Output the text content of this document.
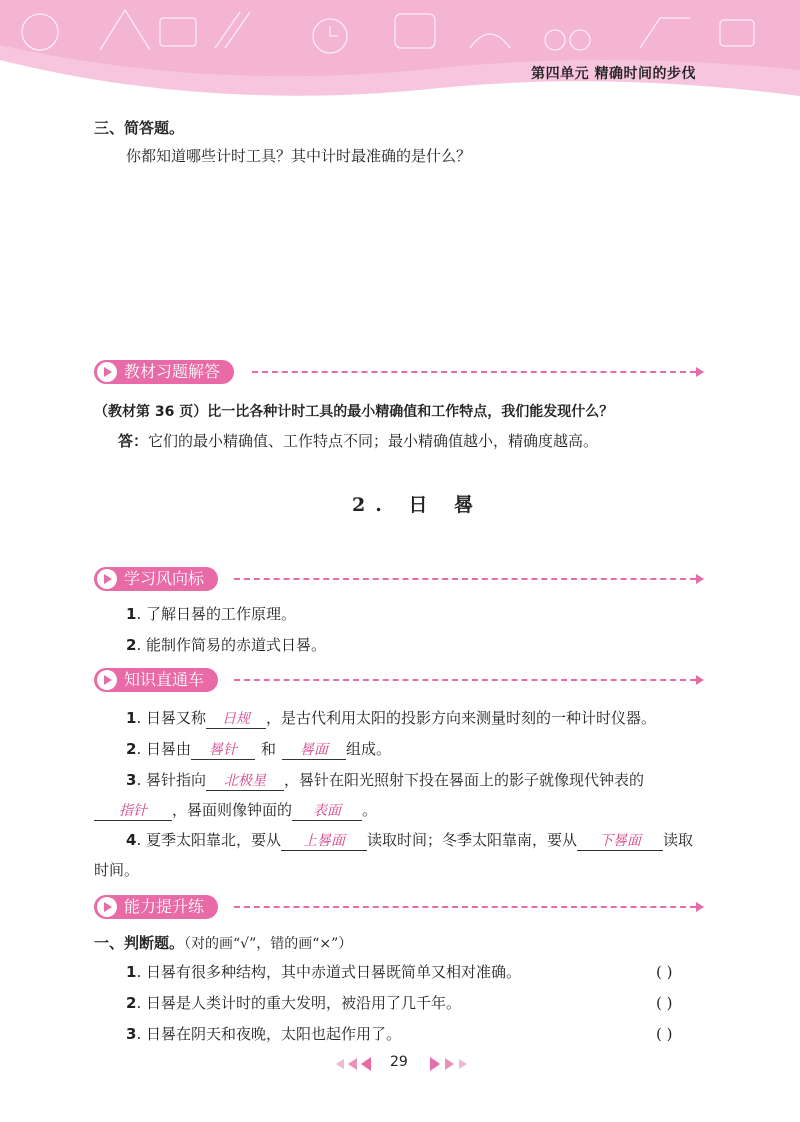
第四单元 精确时间的步伐
三、简答题。
你都知道哪些计时工具？其中计时最准确的是什么？
教材习题解答
（教材第 36 页）比一比各种计时工具的最小精确值和工作特点，我们能发现什么？
答：它们的最小精确值、工作特点不同；最小精确值越小，精确度越高。
2. 日 晷
学习风向标
1. 了解日晷的工作原理。
2. 能制作简易的赤道式日晷。
知识直通车
1. 日晷又称 日规 ，是古代利用太阳的投影方向来测量时刻的一种计时仪器。
2. 日晷由 晷针 和 晷面 组成。
3. 晷针指向 北极星 ，晷针在阳光照射下投在晷面上的影子就像现代钟表的
指针 ，晷面则像钟面的 表面 。
4. 夏季太阳靠北，要从 上晷面 读取时间；冬季太阳靠南，要从 下晷面 读取
时间。
能力提升练
一、判断题。（对的画“√”，错的画“×”）
1. 日晷有很多种结构，其中赤道式日晷既简单又相对准确。	( )
2. 日晷是人类计时的重大发明，被沿用了几千年。	( )
3. 日晷在阴天和夜晚，太阳也起作用了。	( )
29
